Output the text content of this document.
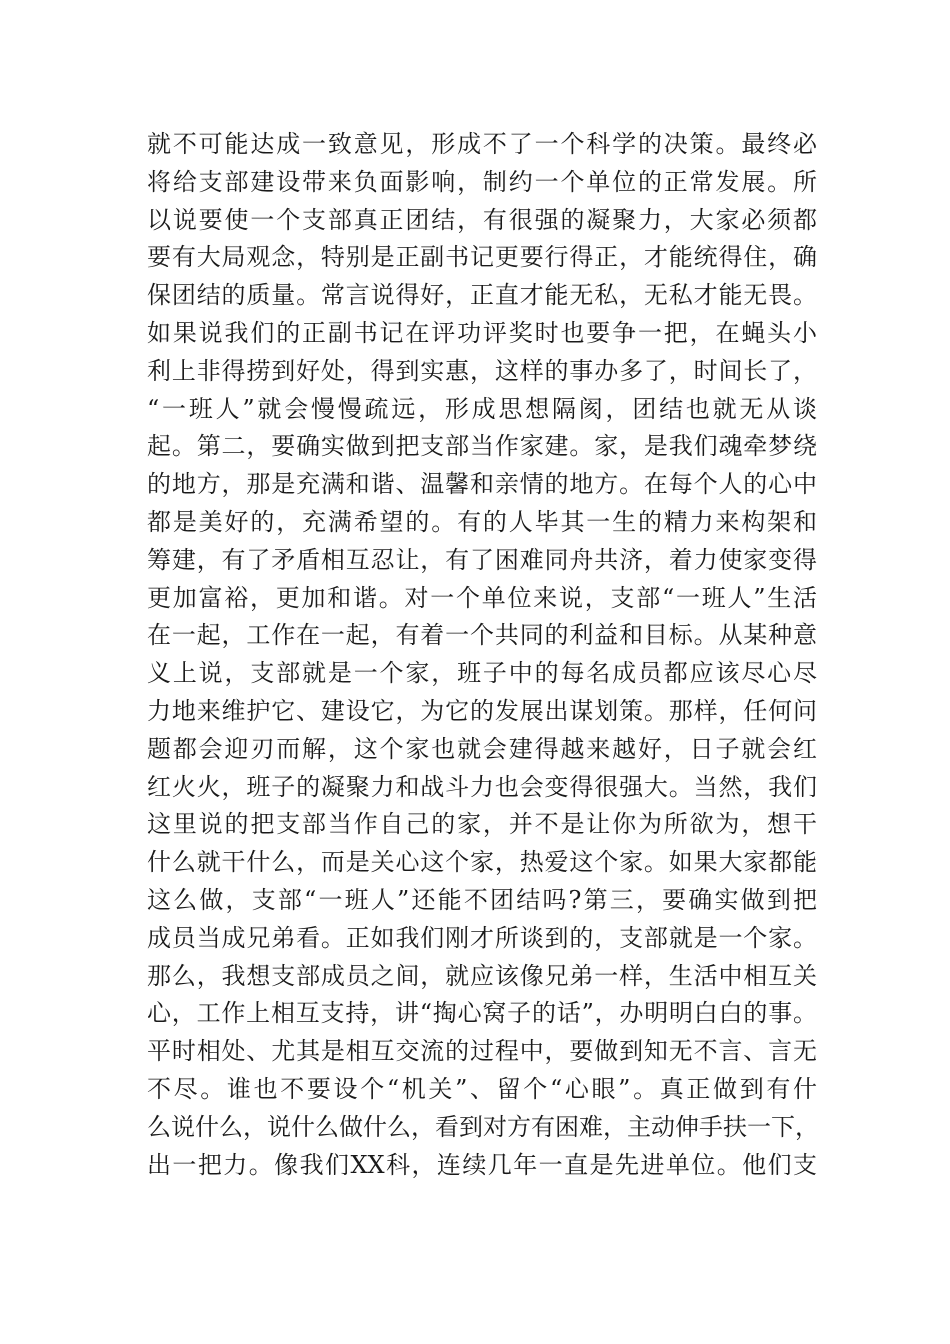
就不可能达成一致意见，形成不了一个科学的决策。最终必
将给支部建设带来负面影响，制约一个单位的正常发展。所
以说要使一个支部真正团结，有很强的凝聚力，大家必须都
要有大局观念，特别是正副书记更要行得正，才能统得住，确
保团结的质量。常言说得好，正直才能无私，无私才能无畏。
如果说我们的正副书记在评功评奖时也要争一把，在蝇头小
利上非得捞到好处，得到实惠，这样的事办多了，时间长了，
“一班人”就会慢慢疏远，形成思想隔阂，团结也就无从谈
起。第二，要确实做到把支部当作家建。家，是我们魂牵梦绕
的地方，那是充满和谐、温馨和亲情的地方。在每个人的心中
都是美好的，充满希望的。有的人毕其一生的精力来构架和
筹建，有了矛盾相互忍让，有了困难同舟共济，着力使家变得
更加富裕，更加和谐。对一个单位来说，支部“一班人”生活
在一起，工作在一起，有着一个共同的利益和目标。从某种意
义上说，支部就是一个家，班子中的每名成员都应该尽心尽
力地来维护它、建设它，为它的发展出谋划策。那样，任何问
题都会迎刃而解，这个家也就会建得越来越好，日子就会红
红火火，班子的凝聚力和战斗力也会变得很强大。当然，我们
这里说的把支部当作自己的家，并不是让你为所欲为，想干
什么就干什么，而是关心这个家，热爱这个家。如果大家都能
这么做，支部“一班人”还能不团结吗?第三，要确实做到把
成员当成兄弟看。正如我们刚才所谈到的，支部就是一个家。
那么，我想支部成员之间，就应该像兄弟一样，生活中相互关
心，工作上相互支持，讲“掏心窝子的话”，办明明白白的事。
平时相处、尤其是相互交流的过程中，要做到知无不言、言无
不尽。谁也不要设个“机关”、留个“心眼”。真正做到有什
么说什么，说什么做什么，看到对方有困难，主动伸手扶一下，
出一把力。像我们XX科，连续几年一直是先进单位。他们支
